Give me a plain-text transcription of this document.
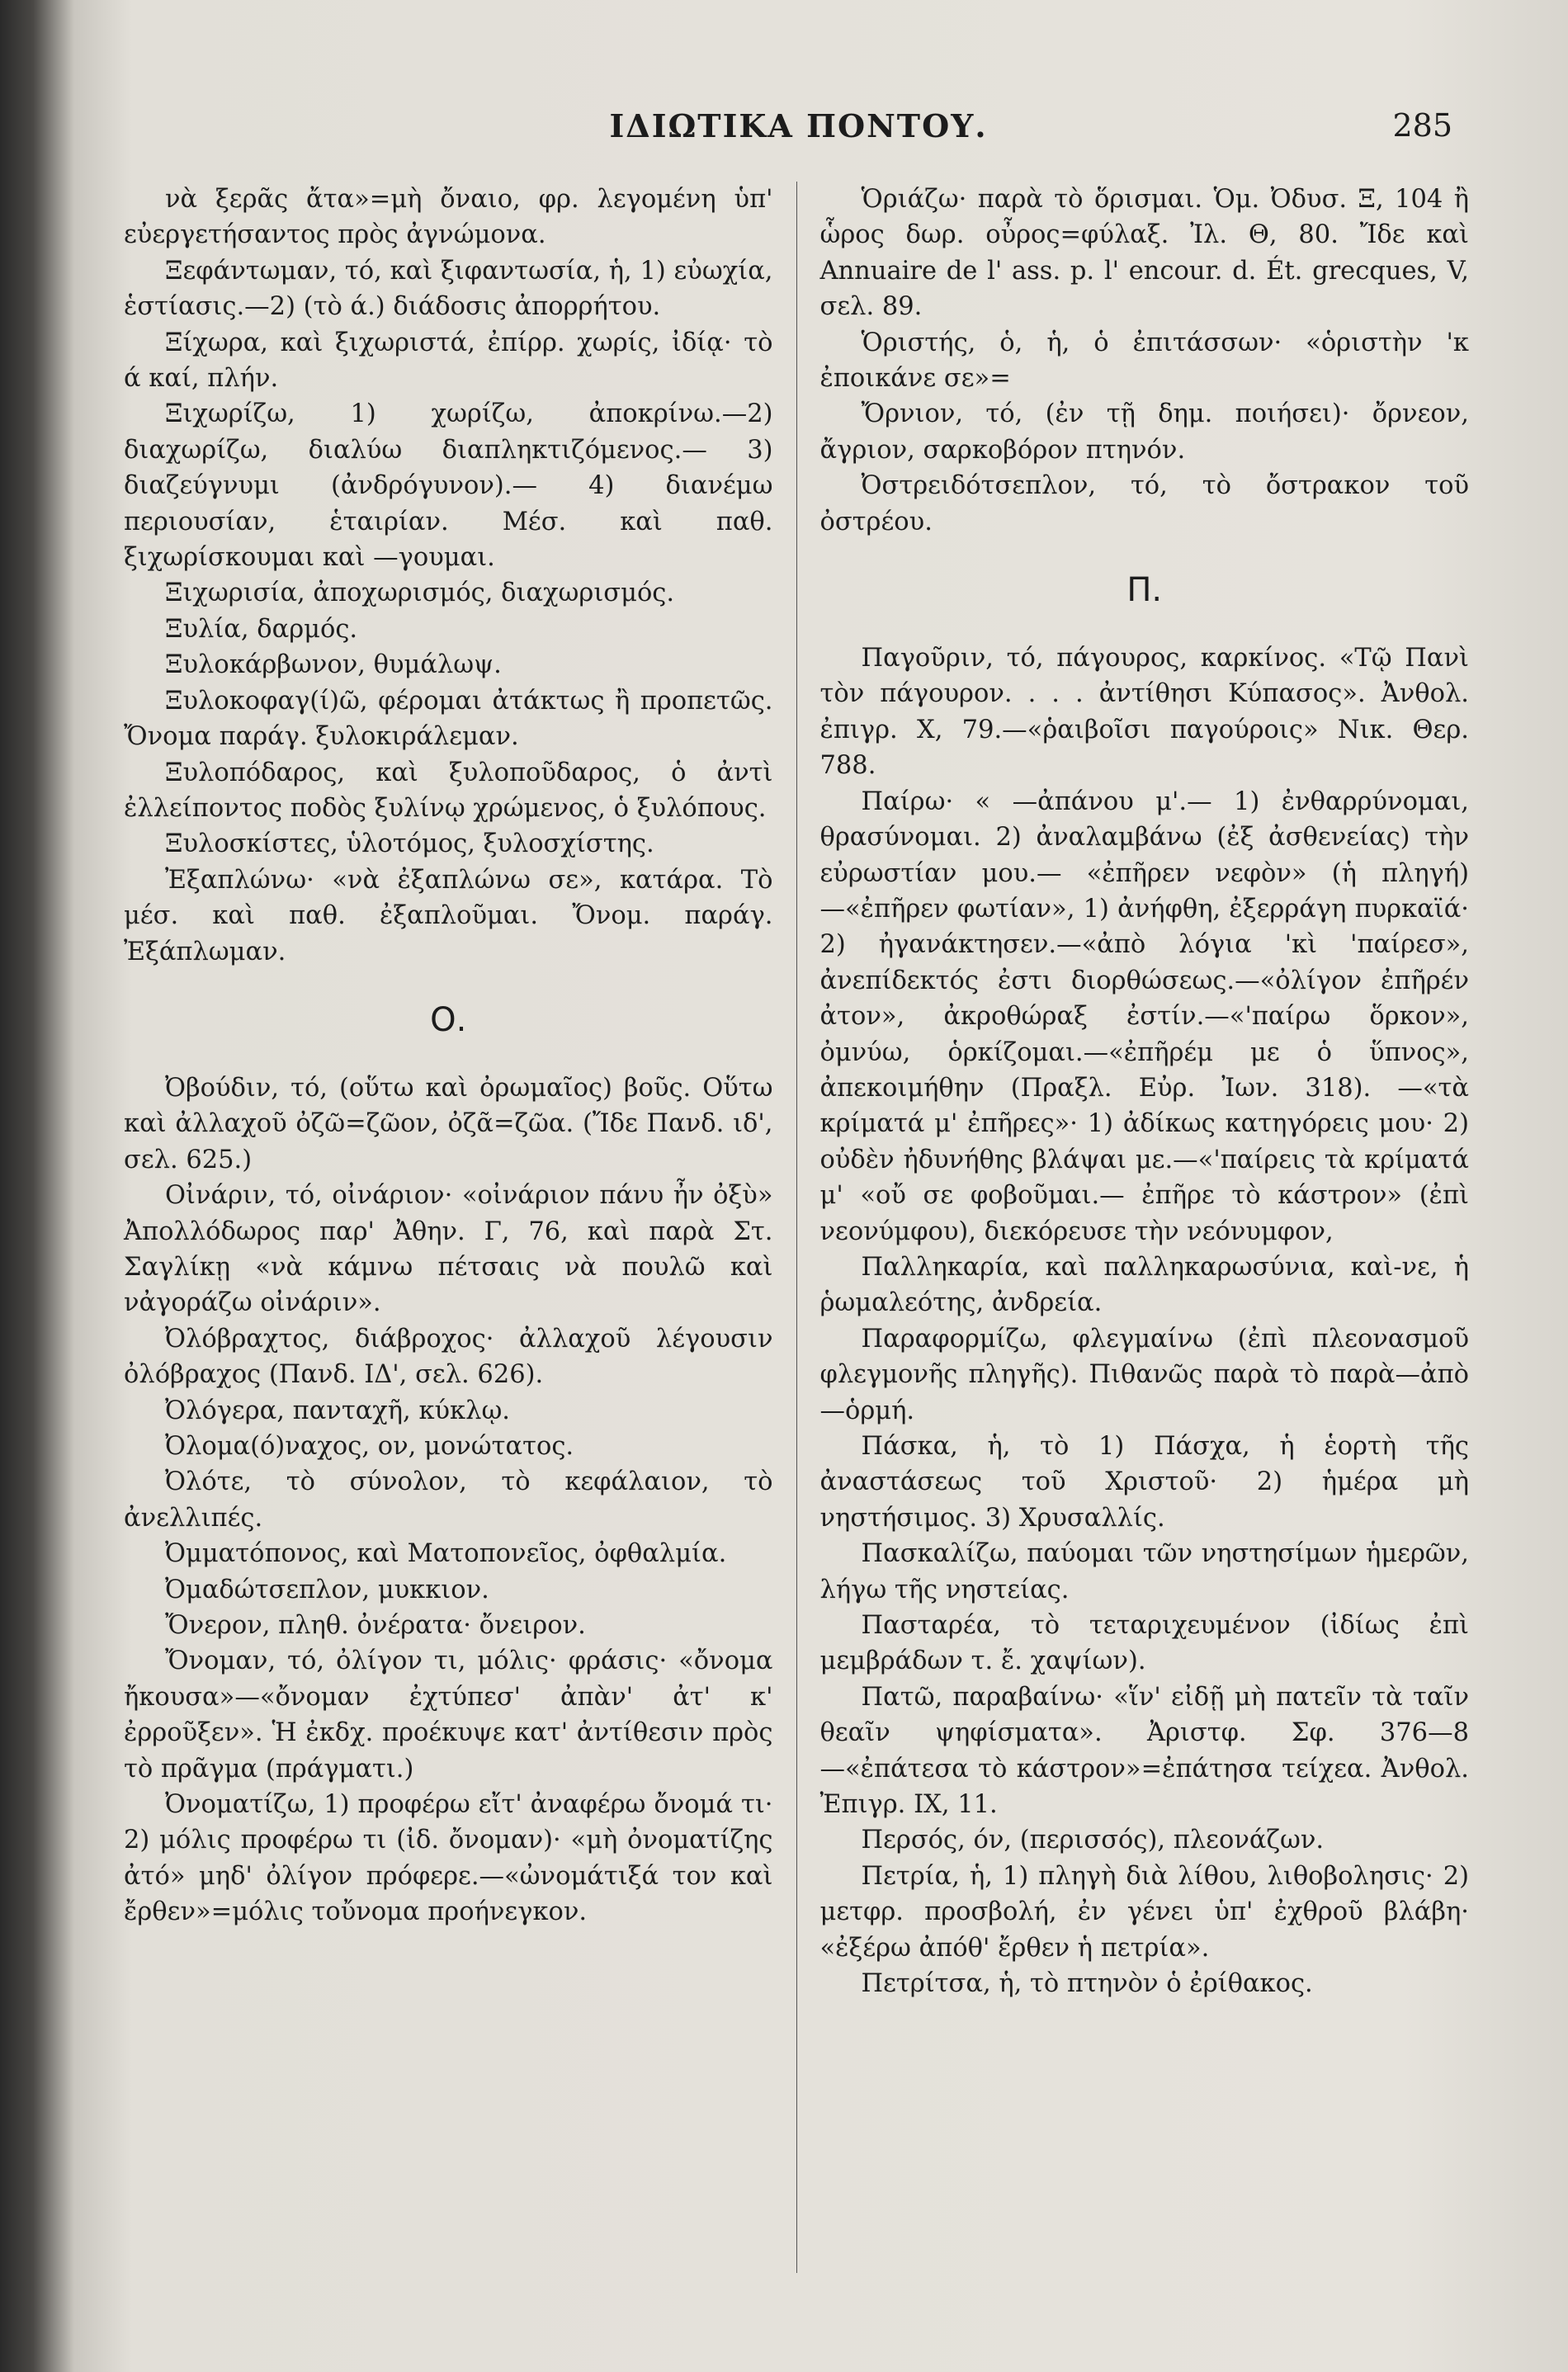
ΙΔΙΩΤΙΚΑ ΠΟΝΤΟΥ.	285

νὰ ξερᾶς ἄτα»=μὴ ὄναιο, φρ. λεγομένη ὑπ' εὐεργετήσαντος πρὸς ἀγνώμονα.

Ξεφάντωμαν, τό, καὶ ξιφαντωσία, ἡ, 1) εὐωχία, ἑστίασις.—2) (τὸ ά.) διάδοσις ἀπορρήτου.

Ξίχωρα, καὶ ξιχωριστά, ἐπίρρ. χωρίς, ἰδίᾳ· τὸ ά καί, πλήν.

Ξιχωρίζω, 1) χωρίζω, ἀποκρίνω.—2) διαχωρίζω, διαλύω διαπληκτιζόμενος.— 3) διαζεύγνυμι (ἀνδρόγυνον).— 4) διανέμω περιουσίαν, ἑταιρίαν. Μέσ. καὶ παθ. ξιχωρίσκουμαι καὶ —γουμαι.

Ξιχωρισία, ἀποχωρισμός, διαχωρισμός.

Ξυλία, δαρμός.

Ξυλοκάρβωνον, θυμάλωψ.

Ξυλοκοφαγ(ί)ῶ, φέρομαι ἀτάκτως ἢ προπετῶς. Ὄνομα παράγ. ξυλοκιράλεμαν.

Ξυλοπόδαρος, καὶ ξυλοποῦδαρος, ὁ ἀντὶ ἐλλείποντος ποδὸς ξυλίνῳ χρώμενος, ὁ ξυλόπους.

Ξυλοσκίστες, ὑλοτόμος, ξυλοσχίστης.

Ἐξαπλώνω· «νὰ ἐξαπλώνω σε», κατάρα. Τὸ μέσ. καὶ παθ. ἐξαπλοῦμαι. Ὄνομ. παράγ. Ἐξάπλωμαν.

Ο.

Ὀβούδιν, τό, (οὕτω καὶ ὀρωμαῖος) βοῦς. Οὕτω καὶ ἀλλαχοῦ ὀζῶ=ζῶον, ὀζᾶ=ζῶα. (Ἴδε Πανδ. ιδ', σελ. 625.)

Οἰνάριν, τό, οἰνάριον· «οἰνάριον πάνυ ἦν ὀξὺ» Ἀπολλόδωρος παρ' Ἀθην. Γ, 76, καὶ παρὰ Στ. Σαγλίκῃ «νὰ κάμνω πέτσαις νὰ πουλῶ καὶ νἀγοράζω οἰνάριν».

Ὀλόβραχτος, διάβροχος· ἀλλαχοῦ λέγουσιν ὀλόβραχος (Πανδ. ΙΔ', σελ. 626).

Ὀλόγερα, πανταχῆ, κύκλῳ.

Ὀλομα(ό)ναχος, ον, μονώτατος.

Ὀλότε, τὸ σύνολον, τὸ κεφάλαιον, τὸ ἀνελλιπές.

Ὀμματόπονος, καὶ Ματοπονεῖος, ὀφθαλμία.

Ὀμαδώτσεπλον, μυκκιον.

Ὄνερον, πληθ. ὀνέρατα· ὄνειρον.

Ὄνομαν, τό, ὀλίγον τι, μόλις· φράσις· «ὄνομα ἤκουσα»—«ὄνομαν ἐχτύπεσ' ἀπὰν' ἀτ' κ' ἐρροῦξεν». Ἡ ἐκδχ. προέκυψε κατ' ἀντίθεσιν πρὸς τὸ πρᾶγμα (πράγματι.)

Ὀνοματίζω, 1) προφέρω εἴτ' ἀναφέρω ὄνομά τι· 2) μόλις προφέρω τι (ἰδ. ὄνομαν)· «μὴ ὀνοματίζης ἀτό» μηδ' ὀλίγον πρόφερε.—«ὠνομάτιξά τον καὶ ἔρθεν»=μόλις τοὔνομα προήνεγκον.

Ὁριάζω· παρὰ τὸ ὅρισμαι. Ὁμ. Ὀδυσ. Ξ, 104 ἢ ὧρος δωρ. οὖρος=φύλαξ. Ἰλ. Θ, 80. Ἴδε καὶ Annuaire de l' ass. p. l' encour. d. Ét. grecques, V, σελ. 89.

Ὁριστής, ὁ, ἡ, ὁ ἐπιτάσσων· «ὁριστὴν 'κ ἐποικάνε σε»=

Ὄρνιον, τό, (ἐν τῇ δημ. ποιήσει)· ὄρνεον, ἄγριον, σαρκοβόρον πτηνόν.

Ὀστρειδότσεπλον, τό, τὸ ὄστρακον τοῦ ὀστρέου.

Π.

Παγοῦριν, τό, πάγουρος, καρκίνος. «Τῷ Πανὶ τὸν πάγουρον. . . . ἀντίθησι Κύπασος». Ἀνθολ. ἐπιγρ. Χ, 79.—«ῥαιβοῖσι παγούροις» Νικ. Θερ. 788.

Παίρω· « —ἀπάνου μ'.— 1) ἐνθαρρύνομαι, θρασύνομαι. 2) ἀναλαμβάνω (ἐξ ἀσθενείας) τὴν εὐρωστίαν μου.— «ἐπῆρεν νεφὸν» (ἡ πληγή)—«ἐπῆρεν φωτίαν», 1) ἀνήφθη, ἐξερράγη πυρκαϊά· 2) ἠγανάκτησεν.—«ἀπὸ λόγια 'κὶ 'παίρεσ», ἀνεπίδεκτός ἐστι διορθώσεως.—«ὀλίγον ἐπῆρέν ἀτον», ἀκροθώραξ ἐστίν.—«'παίρω ὅρκον», ὀμνύω, ὁρκίζομαι.—«ἐπῆρέμ με ὁ ὕπνος», ἀπεκοιμήθην (Πραξλ. Εὐρ. Ἰων. 318). —«τὰ κρίματά μ' ἐπῆρες»· 1) ἀδίκως κατηγόρεις μου· 2) οὐδὲν ἠδυνήθης βλάψαι με.—«'παίρεις τὰ κρίματά μ' «οὔ σε φοβοῦμαι.— ἐπῆρε τὸ κάστρον» (ἐπὶ νεονύμφου), διεκόρευσε τὴν νεόνυμφον,

Παλληκαρία, καὶ παλληκαρωσύνια, καὶ-νε, ἡ ῥωμαλεότης, ἀνδρεία.

Παραφορμίζω, φλεγμαίνω (ἐπὶ πλεονασμοῦ φλεγμονῆς πληγῆς). Πιθανῶς παρὰ τὸ παρὰ—ἀπὸ—ὁρμή.

Πάσκα, ἡ, τὸ 1) Πάσχα, ἡ ἑορτὴ τῆς ἀναστάσεως τοῦ Χριστοῦ· 2) ἡμέρα μὴ νηστήσιμος. 3) Χρυσαλλίς.

Πασκαλίζω, παύομαι τῶν νηστησίμων ἡμερῶν, λήγω τῆς νηστείας.

Πασταρέα, τὸ τεταριχευμένον (ἰδίως ἐπὶ μεμβράδων τ. ἔ. χαψίων).

Πατῶ, παραβαίνω· «ἵν' εἰδῇ μὴ πατεῖν τὰ ταῖν θεαῖν ψηφίσματα». Ἀριστφ. Σφ. 376—8 —«ἐπάτεσα τὸ κάστρον»=ἐπάτησα τείχεα. Ἀνθολ. Ἐπιγρ. ΙΧ, 11.

Περσός, όν, (περισσός), πλεονάζων.

Πετρία, ἡ, 1) πληγὴ διὰ λίθου, λιθοβολησις· 2) μετφρ. προσβολή, ἐν γένει ὑπ' ἐχθροῦ βλάβη· «ἐξέρω ἀπόθ' ἔρθεν ἡ πετρία».

Πετρίτσα, ἡ, τὸ πτηνὸν ὁ ἐρίθακος.
